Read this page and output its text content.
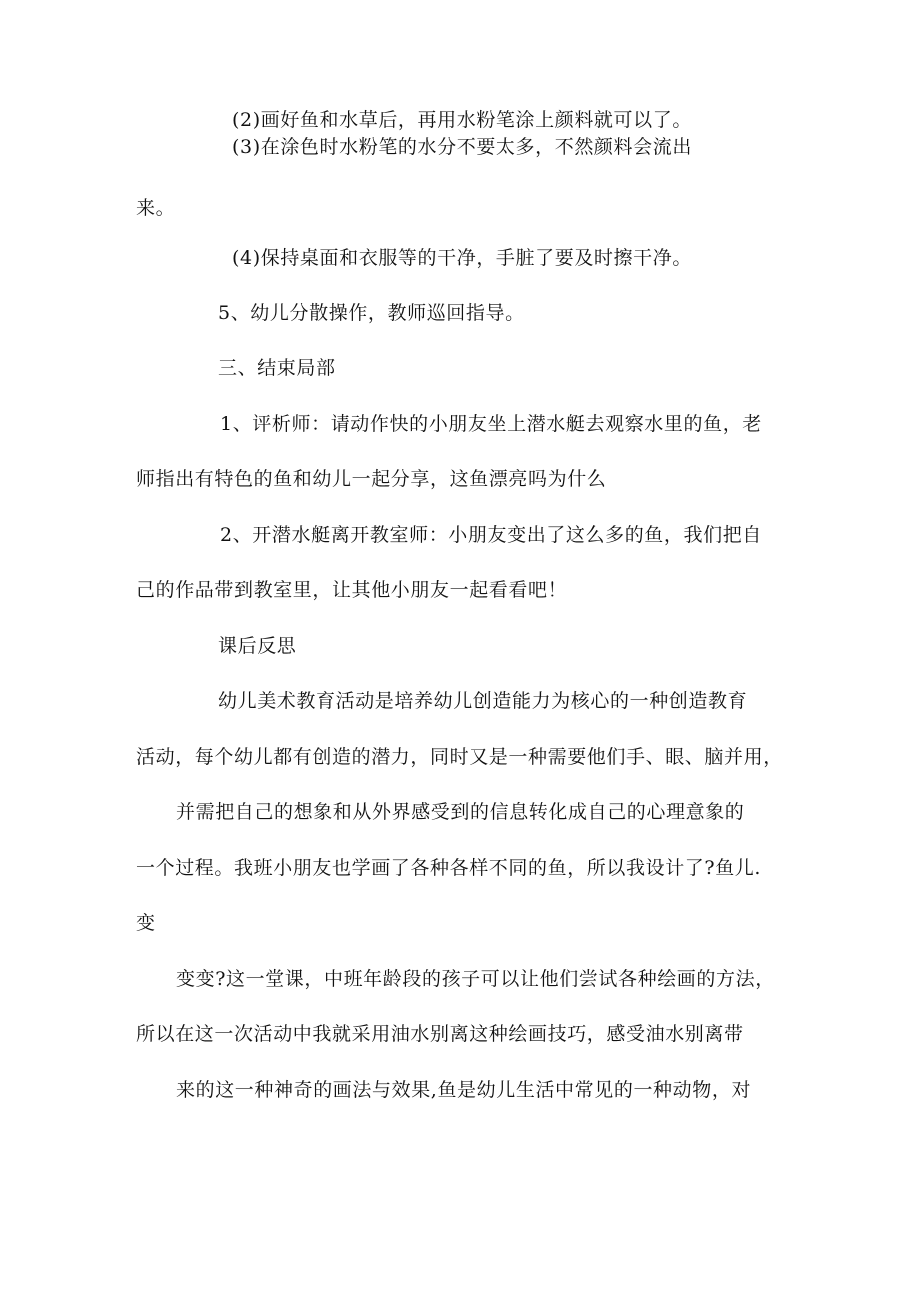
(2)画好鱼和水草后，再用水粉笔涂上颜料就可以了。
(3)在涂色时水粉笔的水分不要太多，不然颜料会流出
来。
(4)保持桌面和衣服等的干净，手脏了要及时擦干净。
5、幼儿分散操作，教师巡回指导。
三、结束局部
1、评析师：请动作快的小朋友坐上潜水艇去观察水里的鱼，老
师指出有特色的鱼和幼儿一起分享，这鱼漂亮吗为什么
2、开潜水艇离开教室师：小朋友变出了这么多的鱼，我们把自
己的作品带到教室里，让其他小朋友一起看看吧！
课后反思
幼儿美术教育活动是培养幼儿创造能力为核心的一种创造教育
活动，每个幼儿都有创造的潜力，同时又是一种需要他们手、眼、脑并用，
并需把自己的想象和从外界感受到的信息转化成自己的心理意象的
一个过程。我班小朋友也学画了各种各样不同的鱼，所以我设计了?鱼儿.
变
变变?这一堂课，中班年龄段的孩子可以让他们尝试各种绘画的方法，
所以在这一次活动中我就采用油水别离这种绘画技巧，感受油水别离带
来的这一种神奇的画法与效果,鱼是幼儿生活中常见的一种动物，对
